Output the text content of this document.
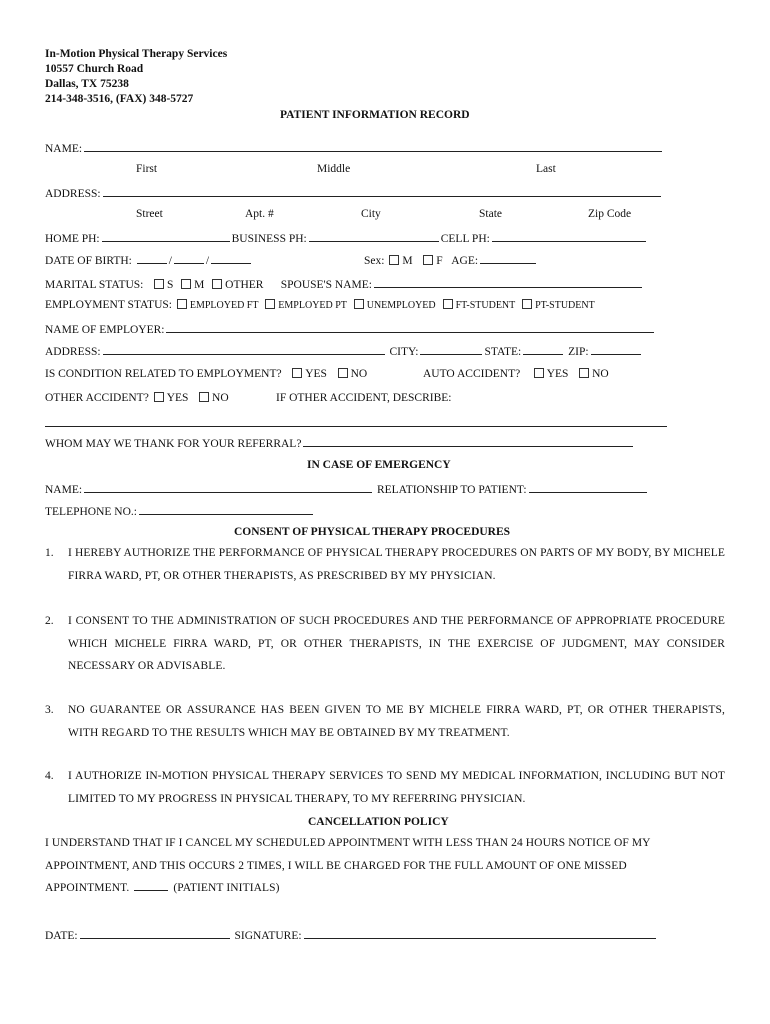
In-Motion Physical Therapy Services
10557 Church Road
Dallas, TX 75238
214-348-3516, (FAX) 348-5727
PATIENT INFORMATION RECORD
NAME:
First	Middle	Last
ADDRESS:
Street	Apt. #	City	State	Zip Code
HOME PH:	BUSINESS PH:	CELL PH:
DATE OF BIRTH:	/	/	Sex: M F AGE:
MARITAL STATUS: S M OTHER SPOUSE'S NAME:
EMPLOYMENT STATUS: EMPLOYED FT EMPLOYED PT UNEMPLOYED FT-STUDENT PT-STUDENT
NAME OF EMPLOYER:
ADDRESS:	CITY:	STATE:	ZIP:
IS CONDITION RELATED TO EMPLOYMENT? YES NO	AUTO ACCIDENT? YES NO
OTHER ACCIDENT? YES NO	IF OTHER ACCIDENT, DESCRIBE:
WHOM MAY WE THANK FOR YOUR REFERRAL?
IN CASE OF EMERGENCY
NAME:	RELATIONSHIP TO PATIENT:
TELEPHONE NO.:
CONSENT OF PHYSICAL THERAPY PROCEDURES
1. I HEREBY AUTHORIZE THE PERFORMANCE OF PHYSICAL THERAPY PROCEDURES ON PARTS OF MY BODY, BY MICHELE FIRRA WARD, PT, OR OTHER THERAPISTS, AS PRESCRIBED BY MY PHYSICIAN.
2. I CONSENT TO THE ADMINISTRATION OF SUCH PROCEDURES AND THE PERFORMANCE OF APPROPRIATE PROCEDURE WHICH MICHELE FIRRA WARD, PT, OR OTHER THERAPISTS, IN THE EXERCISE OF JUDGMENT, MAY CONSIDER NECESSARY OR ADVISABLE.
3. NO GUARANTEE OR ASSURANCE HAS BEEN GIVEN TO ME BY MICHELE FIRRA WARD, PT, OR OTHER THERAPISTS, WITH REGARD TO THE RESULTS WHICH MAY BE OBTAINED BY MY TREATMENT.
4. I AUTHORIZE IN-MOTION PHYSICAL THERAPY SERVICES TO SEND MY MEDICAL INFORMATION, INCLUDING BUT NOT LIMITED TO MY PROGRESS IN PHYSICAL THERAPY, TO MY REFERRING PHYSICIAN.
CANCELLATION POLICY
I UNDERSTAND THAT IF I CANCEL MY SCHEDULED APPOINTMENT WITH LESS THAN 24 HOURS NOTICE OF MY APPOINTMENT, AND THIS OCCURS 2 TIMES, I WILL BE CHARGED FOR THE FULL AMOUNT OF ONE MISSED APPOINTMENT.	(PATIENT INITIALS)
DATE:	SIGNATURE:
